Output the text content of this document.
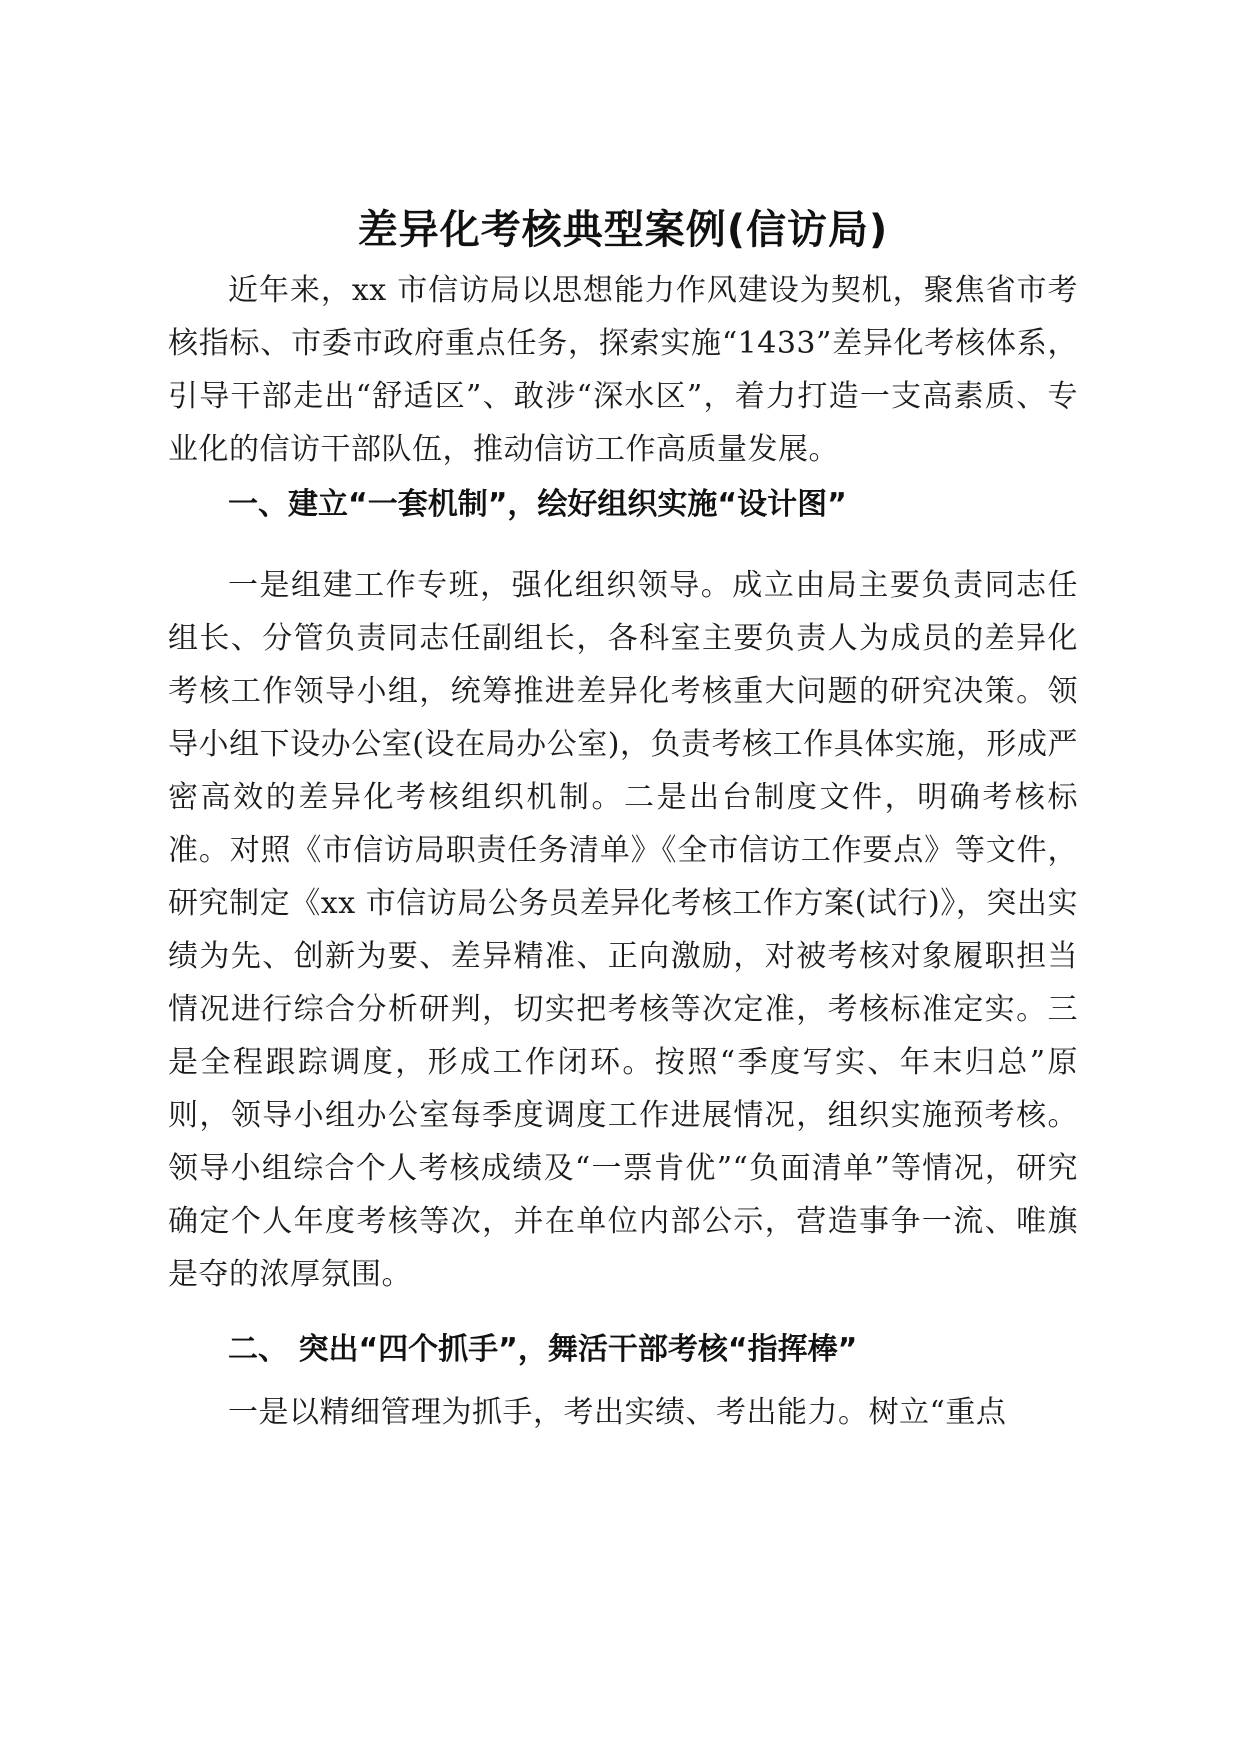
差异化考核典型案例(信访局)

近年来，xx 市信访局以思想能力作风建设为契机，聚焦省市考核指标、市委市政府重点任务，探索实施“1433”差异化考核体系，引导干部走出“舒适区”、敢涉“深水区”，着力打造一支高素质、专业化的信访干部队伍，推动信访工作高质量发展。

一、建立“一套机制”，绘好组织实施“设计图”

一是组建工作专班，强化组织领导。成立由局主要负责同志任组长、分管负责同志任副组长，各科室主要负责人为成员的差异化考核工作领导小组，统筹推进差异化考核重大问题的研究决策。领导小组下设办公室(设在局办公室)，负责考核工作具体实施，形成严密高效的差异化考核组织机制。二是出台制度文件，明确考核标准。对照《市信访局职责任务清单》《全市信访工作要点》等文件，研究制定《xx 市信访局公务员差异化考核工作方案(试行)》，突出实绩为先、创新为要、差异精准、正向激励，对被考核对象履职担当情况进行综合分析研判，切实把考核等次定准，考核标准定实。三是全程跟踪调度，形成工作闭环。按照“季度写实、年末归总”原则，领导小组办公室每季度调度工作进展情况，组织实施预考核。领导小组综合个人考核成绩及“一票肯优”“负面清单”等情况，研究确定个人年度考核等次，并在单位内部公示，营造事争一流、唯旗是夺的浓厚氛围。

二、 突出“四个抓手”，舞活干部考核“指挥棒”

一是以精细管理为抓手，考出实绩、考出能力。树立“重点
